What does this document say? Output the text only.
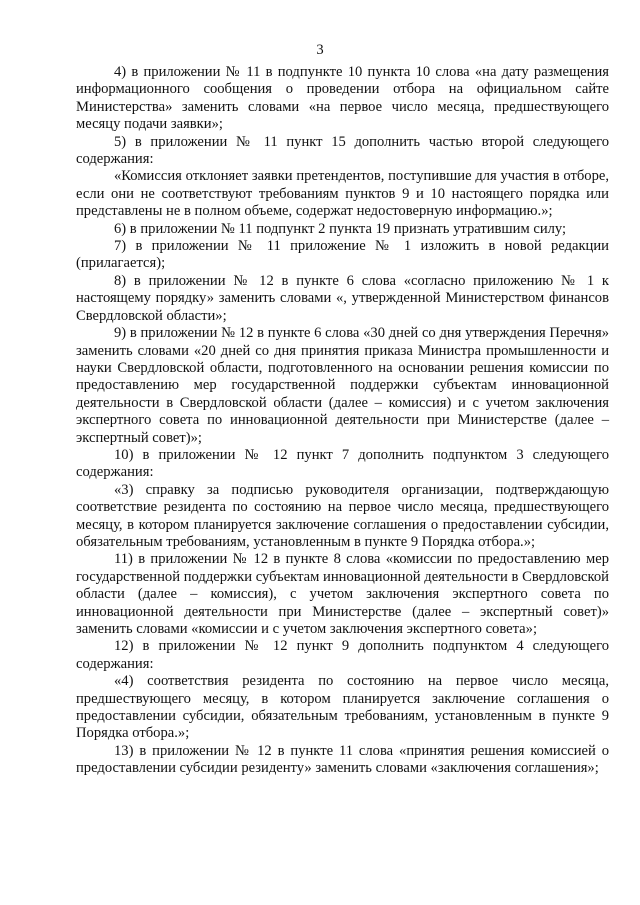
3

4) в приложении № 11 в подпункте 10 пункта 10 слова «на дату размещения информационного сообщения о проведении отбора на официальном сайте Министерства» заменить словами «на первое число месяца, предшествующего месяцу подачи заявки»;

5) в приложении № 11 пункт 15 дополнить частью второй следующего содержания:

«Комиссия отклоняет заявки претендентов, поступившие для участия в отборе, если они не соответствуют требованиям пунктов 9 и 10 настоящего порядка или представлены не в полном объеме, содержат недостоверную информацию.»;

6) в приложении № 11 подпункт 2 пункта 19 признать утратившим силу;

7) в приложении № 11 приложение № 1 изложить в новой редакции (прилагается);

8) в приложении № 12 в пункте 6 слова «согласно приложению № 1 к настоящему порядку» заменить словами «, утвержденной Министерством финансов Свердловской области»;

9) в приложении № 12 в пункте 6 слова «30 дней со дня утверждения Перечня» заменить словами «20 дней со дня принятия приказа Министра промышленности и науки Свердловской области, подготовленного на основании решения комиссии по предоставлению мер государственной поддержки субъектам инновационной деятельности в Свердловской области (далее – комиссия) и с учетом заключения экспертного совета по инновационной деятельности при Министерстве (далее – экспертный совет)»;

10) в приложении № 12 пункт 7 дополнить подпунктом 3 следующего содержания:

«3) справку за подписью руководителя организации, подтверждающую соответствие резидента по состоянию на первое число месяца, предшествующего месяцу, в котором планируется заключение соглашения о предоставлении субсидии, обязательным требованиям, установленным в пункте 9 Порядка отбора.»;

11) в приложении № 12 в пункте 8 слова «комиссии по предоставлению мер государственной поддержки субъектам инновационной деятельности в Свердловской области (далее – комиссия), с учетом заключения экспертного совета по инновационной деятельности при Министерстве (далее – экспертный совет)» заменить словами «комиссии и с учетом заключения экспертного совета»;

12) в приложении № 12 пункт 9 дополнить подпунктом 4 следующего содержания:

«4) соответствия резидента по состоянию на первое число месяца, предшествующего месяцу, в котором планируется заключение соглашения о предоставлении субсидии, обязательным требованиям, установленным в пункте 9 Порядка отбора.»;

13) в приложении № 12 в пункте 11 слова «принятия решения комиссией о предоставлении субсидии резиденту» заменить словами «заключения соглашения»;
